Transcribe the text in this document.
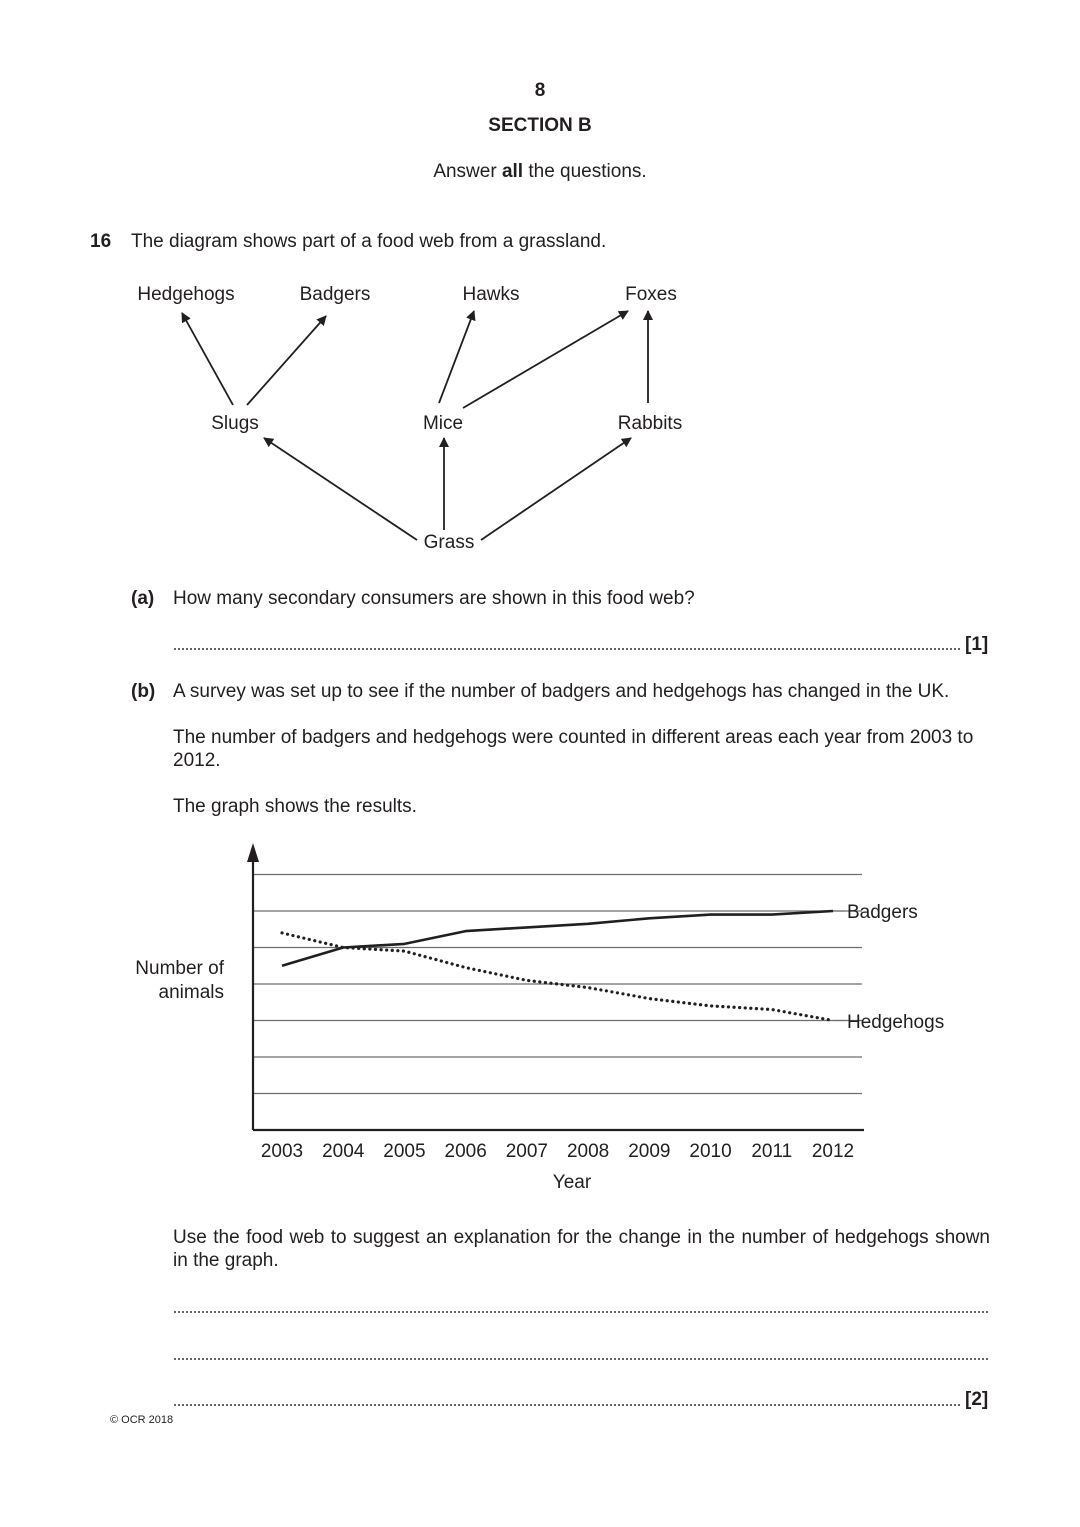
8
SECTION B
Answer all the questions.
16 The diagram shows part of a food web from a grassland.
Hedgehogs	Badgers	Hawks	Foxes
Slugs	Mice	Rabbits
Grass
(a) How many secondary consumers are shown in this food web?
[1]
(b) A survey was set up to see if the number of badgers and hedgehogs has changed in the UK.
The number of badgers and hedgehogs were counted in different areas each year from 2003 to 2012.
The graph shows the results.
Badgers
Hedgehogs
2003 2004 2005 2006 2007 2008 2009 2010 2011 2012
Year
Number of
animals
Use the food web to suggest an explanation for the change in the number of hedgehogs shown in the graph.
[2]
© OCR 2018
